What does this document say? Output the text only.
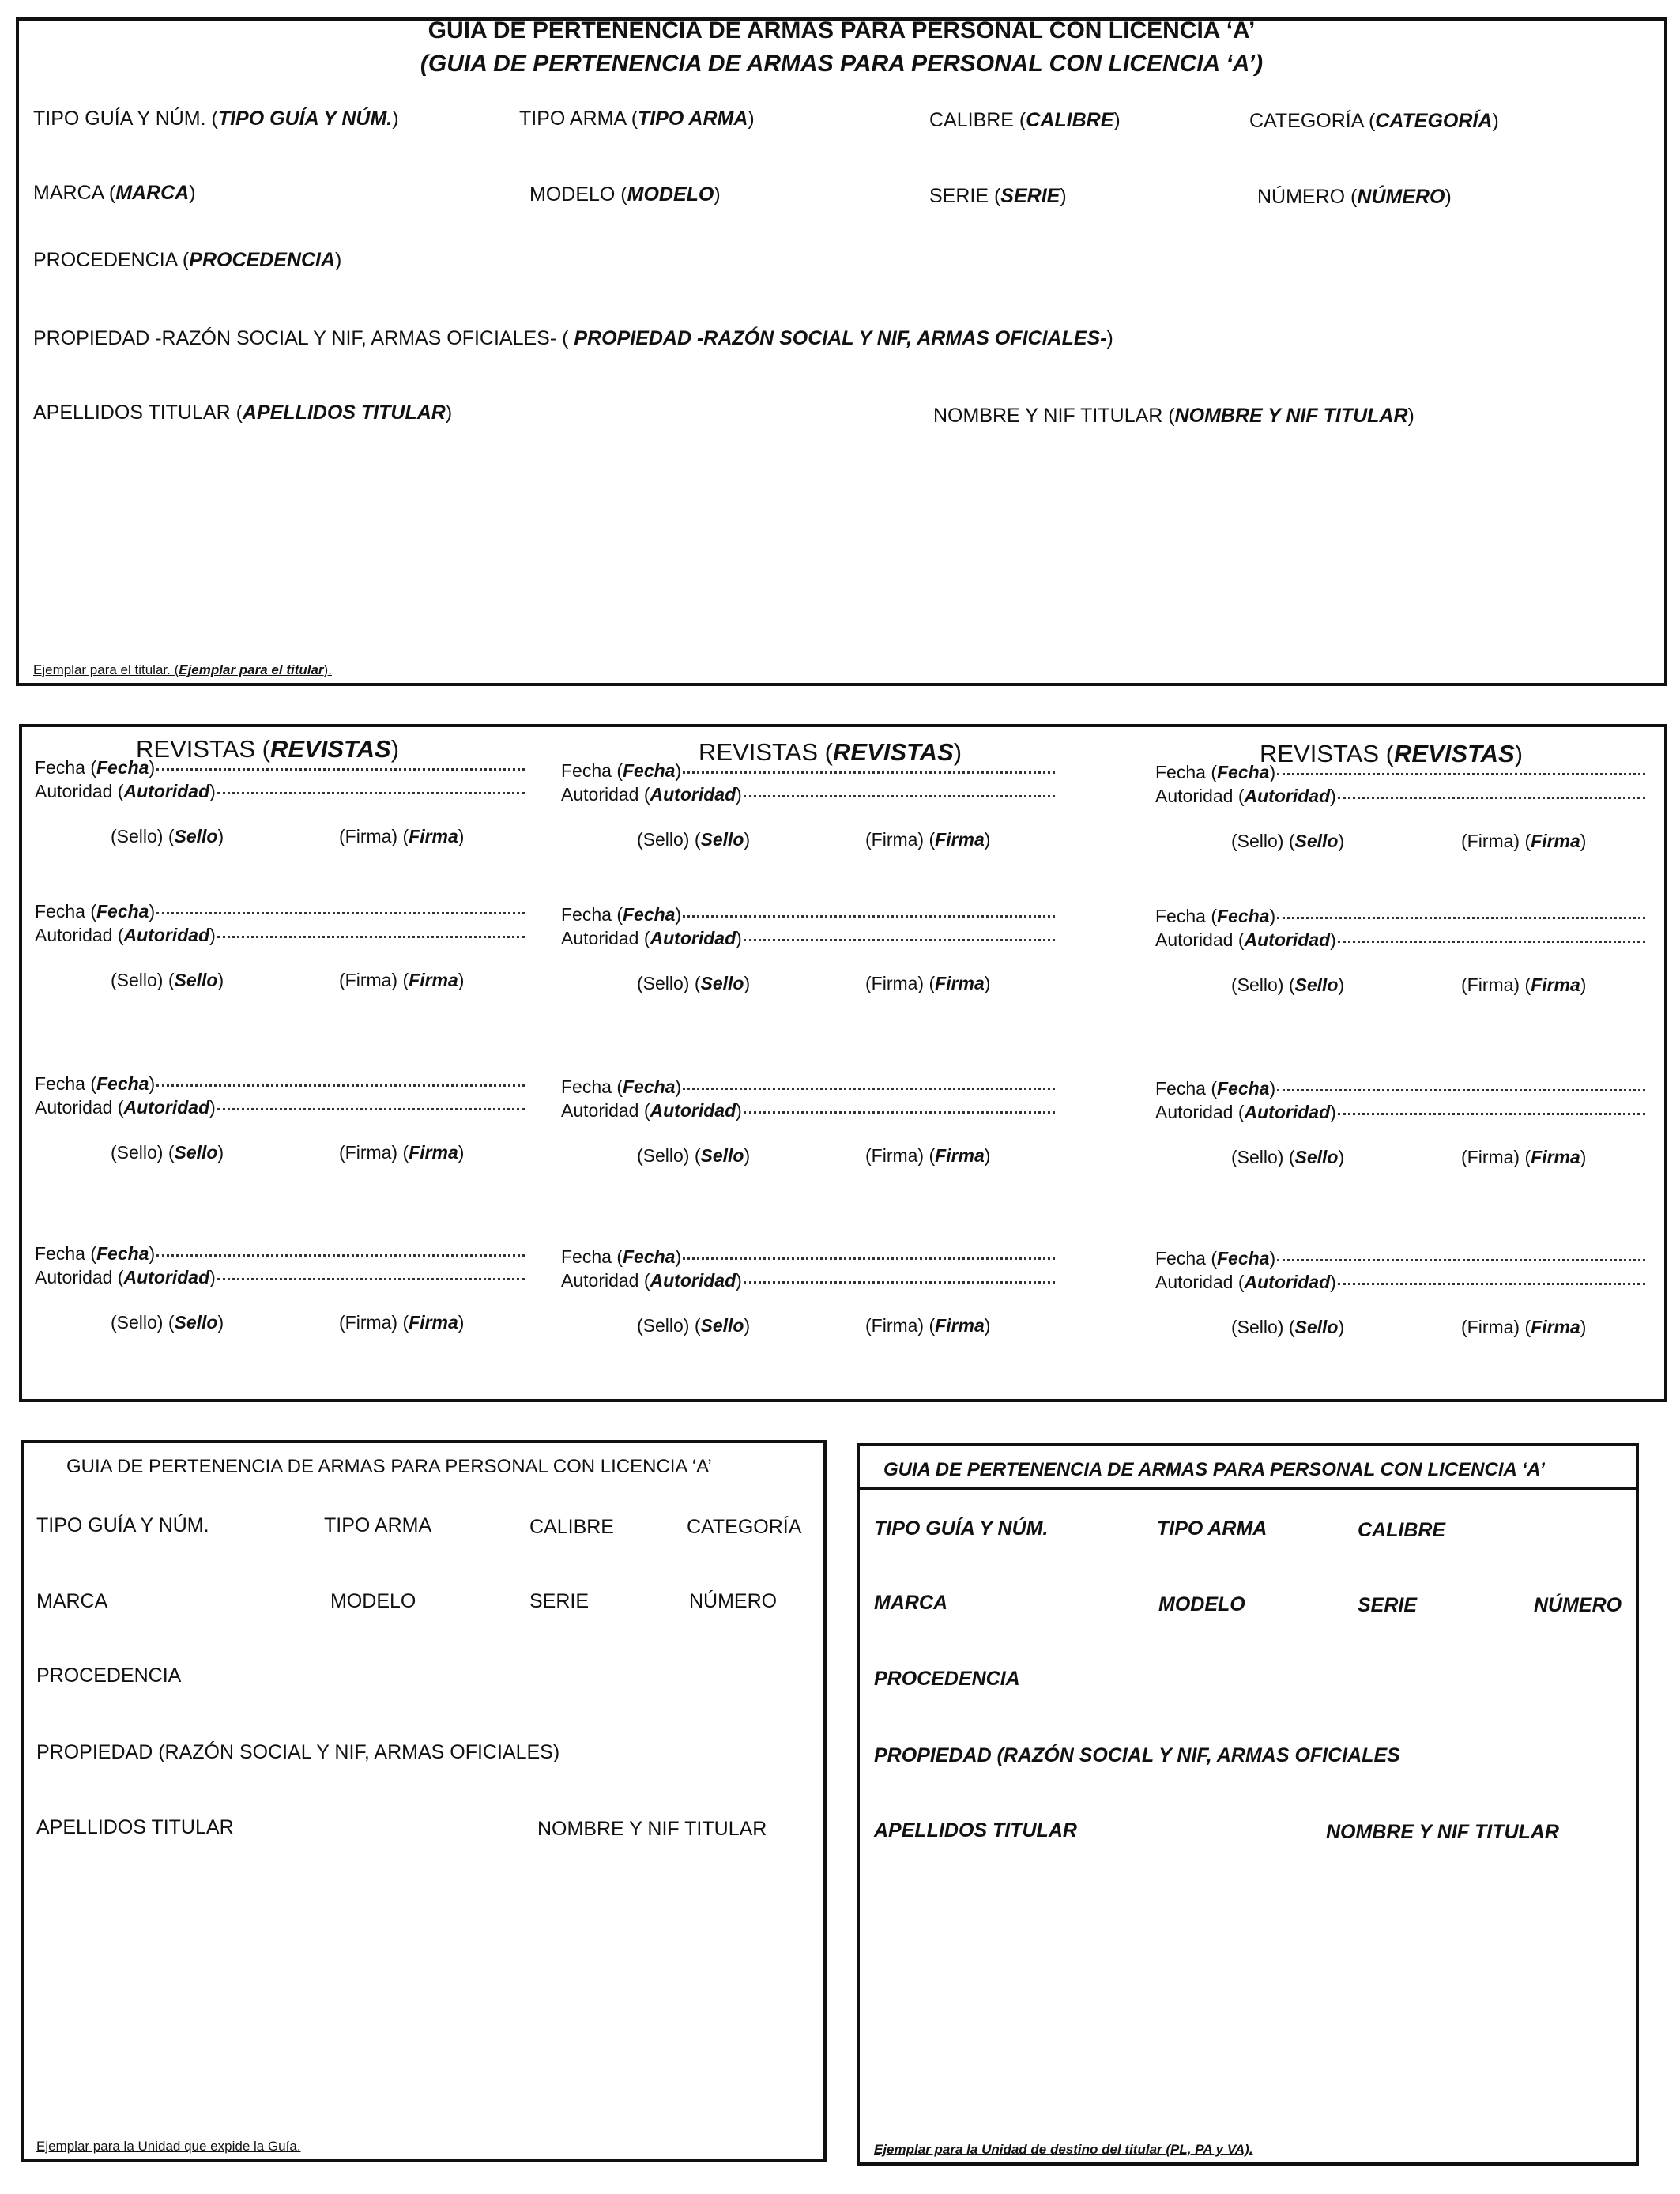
GUIA DE PERTENENCIA DE ARMAS PARA PERSONAL CON LICENCIA ‘A’
(GUIA DE PERTENENCIA DE ARMAS PARA PERSONAL CON LICENCIA ‘A’)
TIPO GUÍA Y NÚM. (TIPO GUÍA Y NÚM.)	TIPO ARMA (TIPO ARMA)	CALIBRE (CALIBRE)	CATEGORÍA (CATEGORÍA)
MARCA (MARCA)	MODELO (MODELO)	SERIE (SERIE)	NÚMERO (NÚMERO)
PROCEDENCIA (PROCEDENCIA)
PROPIEDAD -RAZÓN SOCIAL Y NIF, ARMAS OFICIALES- ( PROPIEDAD -RAZÓN SOCIAL Y NIF, ARMAS OFICIALES-)
APELLIDOS TITULAR (APELLIDOS TITULAR)	NOMBRE Y NIF TITULAR (NOMBRE Y NIF TITULAR)
Ejemplar para el titular. (Ejemplar para el titular).
REVISTAS (REVISTAS)
Fecha ( Fecha )
Autoridad ( Autoridad )
(Sello) (Sello)	(Firma) (Firma)
Fecha ( Fecha )
Autoridad ( Autoridad )
(Sello) (Sello)	(Firma) (Firma)
Fecha ( Fecha )
Autoridad ( Autoridad )
(Sello) (Sello)	(Firma) (Firma)
Fecha ( Fecha )
Autoridad ( Autoridad )
(Sello) (Sello)	(Firma) (Firma)
REVISTAS (REVISTAS)
Fecha ( Fecha )
Autoridad ( Autoridad )
(Sello) (Sello)	(Firma) (Firma)
Fecha ( Fecha )
Autoridad ( Autoridad )
(Sello) (Sello)	(Firma) (Firma)
Fecha ( Fecha )
Autoridad ( Autoridad )
(Sello) (Sello)	(Firma) (Firma)
Fecha ( Fecha )
Autoridad ( Autoridad )
(Sello) (Sello)	(Firma) (Firma)
REVISTAS (REVISTAS)
Fecha ( Fecha )
Autoridad ( Autoridad )
(Sello) (Sello)	(Firma) (Firma)
Fecha ( Fecha )
Autoridad ( Autoridad )
(Sello) (Sello)	(Firma) (Firma)
Fecha ( Fecha )
Autoridad ( Autoridad )
(Sello) (Sello)	(Firma) (Firma)
Fecha ( Fecha )
Autoridad ( Autoridad )
(Sello) (Sello)	(Firma) (Firma)
GUIA DE PERTENENCIA DE ARMAS PARA PERSONAL CON LICENCIA ‘A’
TIPO GUÍA Y NÚM.	TIPO ARMA	CALIBRE	CATEGORÍA
MARCA	MODELO	SERIE	NÚMERO
PROCEDENCIA
PROPIEDAD (RAZÓN SOCIAL Y NIF, ARMAS OFICIALES)
APELLIDOS TITULAR	NOMBRE Y NIF TITULAR
Ejemplar para la Unidad que expide la Guía.
GUIA DE PERTENENCIA DE ARMAS PARA PERSONAL CON LICENCIA ‘A’
TIPO GUÍA Y NÚM.	TIPO ARMA	CALIBRE
MARCA	MODELO	SERIE	NÚMERO
PROCEDENCIA
PROPIEDAD (RAZÓN SOCIAL Y NIF, ARMAS OFICIALES
APELLIDOS TITULAR	NOMBRE Y NIF TITULAR
Ejemplar para la Unidad de destino del titular (PL, PA y VA).
